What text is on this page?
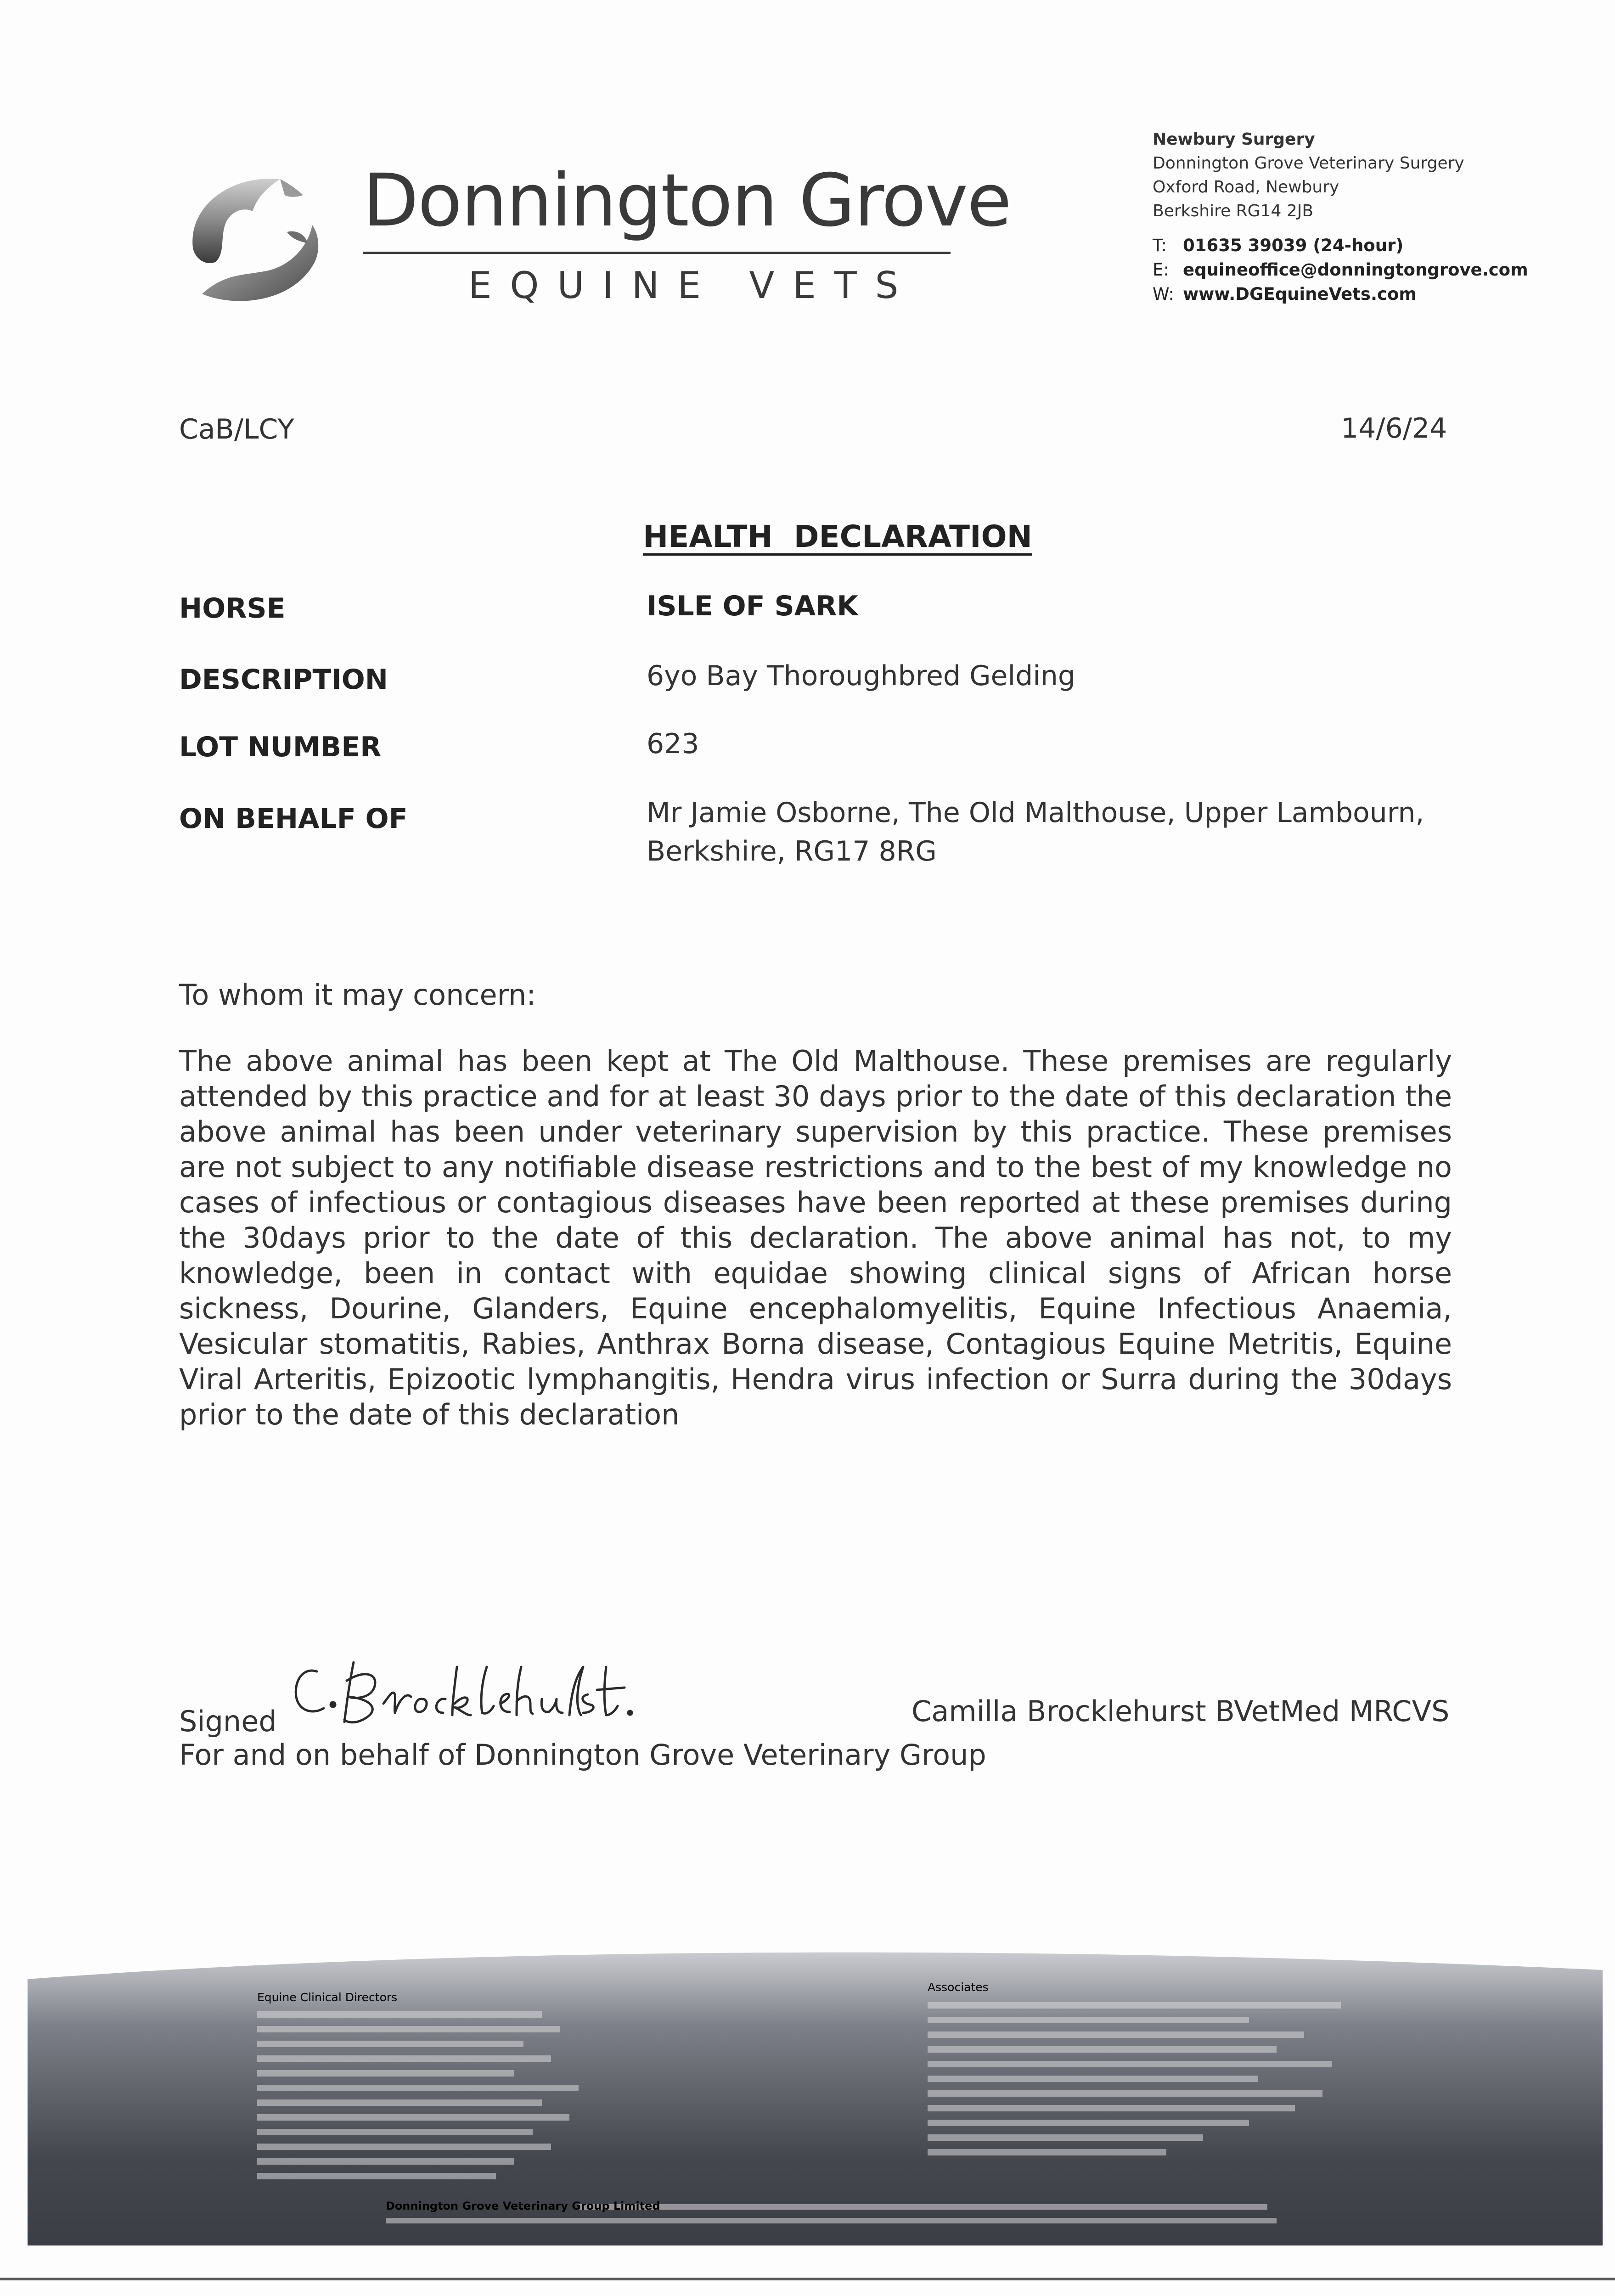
Donnington Grove
EQUINE VETS
Newbury Surgery
Donnington Grove Veterinary Surgery
Oxford Road, Newbury
Berkshire RG14 2JB
T: 01635 39039 (24-hour)
E: equineoffice@donningtongrove.com
W: www.DGEquineVets.com
CaB/LCY	14/6/24
HEALTH  DECLARATION
HORSE	ISLE OF SARK
DESCRIPTION	6yo Bay Thoroughbred Gelding
LOT NUMBER	623
ON BEHALF OF	Mr Jamie Osborne, The Old Malthouse, Upper Lambourn,
Berkshire, RG17 8RG
To whom it may concern:
The above animal has been kept at The Old Malthouse. These premises are regularly attended by this practice and for at least 30 days prior to the date of this declaration the above animal has been under veterinary supervision by this practice. These premises are not subject to any notifiable disease restrictions and to the best of my knowledge no cases of infectious or contagious diseases have been reported at these premises during the 30days prior to the date of this declaration. The above animal has not, to my knowledge, been in contact with equidae showing clinical signs of African horse sickness, Dourine, Glanders, Equine encephalomyelitis, Equine Infectious Anaemia, Vesicular stomatitis, Rabies, Anthrax Borna disease, Contagious Equine Metritis, Equine Viral Arteritis, Epizootic lymphangitis, Hendra virus infection or Surra during the 30days prior to the date of this declaration
Signed	Camilla Brocklehurst BVetMed MRCVS
For and on behalf of Donnington Grove Veterinary Group
Equine Clinical Directors
Associates
Donnington Grove Veterinary Group Limited
